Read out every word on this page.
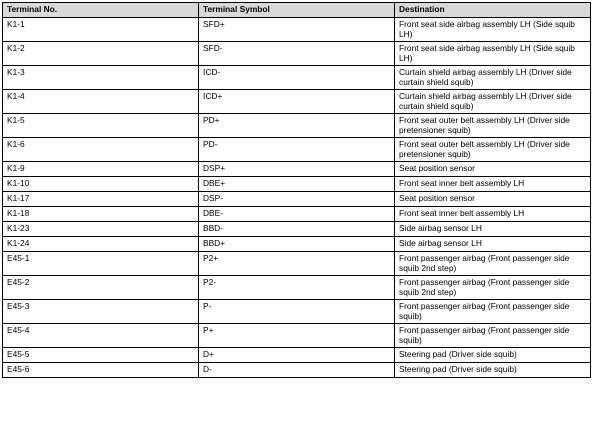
Terminal No.	Terminal Symbol	Destination
K1-1	SFD+	Front seat side airbag assembly LH (Side squib LH)
K1-2	SFD-	Front seat side airbag assembly LH (Side squib LH)
K1-3	ICD-	Curtain shield airbag assembly LH (Driver side curtain shield squib)
K1-4	ICD+	Curtain shield airbag assembly LH (Driver side curtain shield squib)
K1-5	PD+	Front seat outer belt assembly LH (Driver side pretensioner squib)
K1-6	PD-	Front seat outer belt assembly LH (Driver side pretensioner squib)
K1-9	DSP+	Seat position sensor
K1-10	DBE+	Front seat inner belt assembly LH
K1-17	DSP-	Seat position sensor
K1-18	DBE-	Front seat inner belt assembly LH
K1-23	BBD-	Side airbag sensor LH
K1-24	BBD+	Side airbag sensor LH
E45-1	P2+	Front passenger airbag (Front passenger side squib 2nd step)
E45-2	P2-	Front passenger airbag (Front passenger side squib 2nd step)
E45-3	P-	Front passenger airbag (Front passenger side squib)
E45-4	P+	Front passenger airbag (Front passenger side squib)
E45-5	D+	Steering pad (Driver side squib)
E45-6	D-	Steering pad (Driver side squib)
